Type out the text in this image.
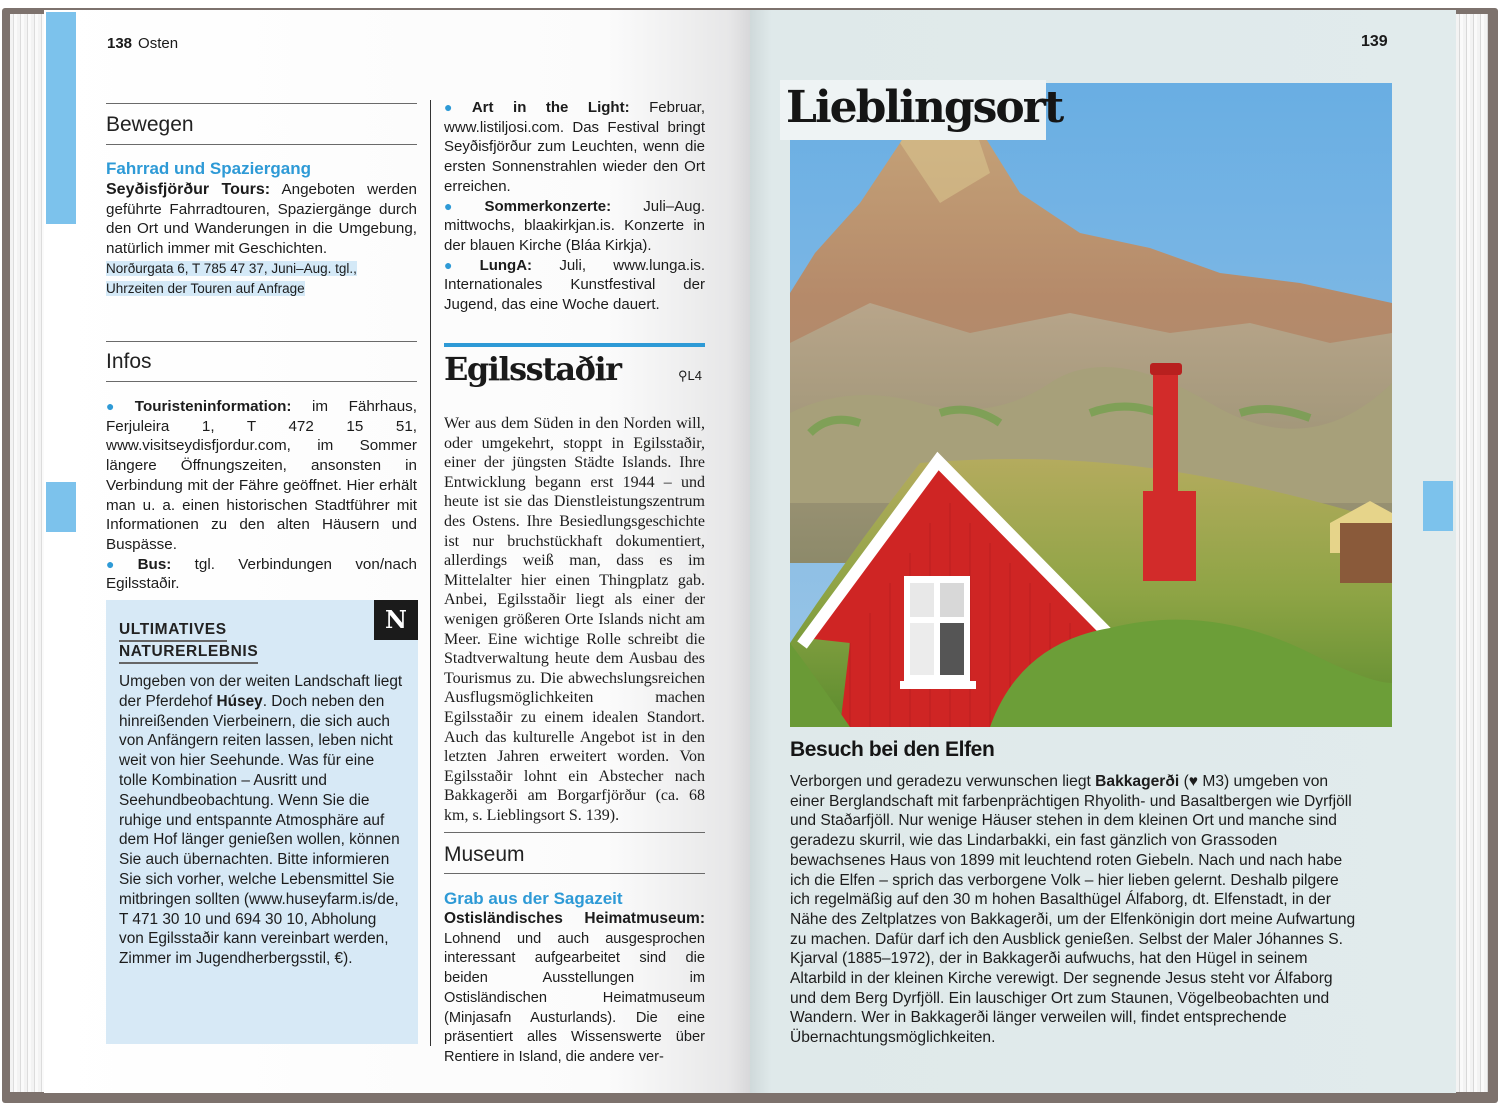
138 Osten
Bewegen
Fahrrad und Spaziergang
Seyðisfjörður Tours: Angeboten werden geführte Fahrradtouren, Spaziergänge durch den Ort und Wanderungen in die Umgebung, natürlich immer mit Geschichten.
Norðurgata 6, T 785 47 37, Juni–Aug. tgl.,
Uhrzeiten der Touren auf Anfrage
Infos
● Touristeninformation: im Fährhaus, Ferjuleira 1, T 472 15 51, www.visitseydisfjordur.com, im Sommer längere Öffnungszeiten, ansonsten in Verbindung mit der Fähre geöffnet. Hier erhält man u. a. einen historischen Stadtführer mit Informationen zu den alten Häusern und Buspässe.
● Bus: tgl. Verbindungen von/nach Egilsstaðir.
N
ULTIMATIVES
NATURERLEBNIS
Umgeben von der weiten Landschaft liegt der Pferdehof Húsey. Doch neben den hinreißenden Vierbeinern, die sich auch von Anfängern reiten lassen, leben nicht weit von hier Seehunde. Was für eine tolle Kombination – Ausritt und Seehundbeobachtung. Wenn Sie die ruhige und entspannte Atmosphäre auf dem Hof länger genießen wollen, können Sie auch übernachten. Bitte informieren Sie sich vorher, welche Lebensmittel Sie mitbringen sollten (www.huseyfarm.is/de, T 471 30 10 und 694 30 10, Abholung von Egilsstaðir kann vereinbart werden, Zimmer im Jugendherbergsstil, €).
● Art in the Light: Februar, www.listiljosi.com. Das Festival bringt Seyðisfjörður zum Leuchten, wenn die ersten Sonnenstrahlen wieder den Ort erreichen.
● Sommerkonzerte: Juli–Aug. mittwochs, blaakirkjan.is. Konzerte in der blauen Kirche (Bláa Kirkja).
● LungA: Juli, www.lunga.is. Internationales Kunstfestival der Jugend, das eine Woche dauert.
Egilsstaðir	⚲L4
Wer aus dem Süden in den Norden will, oder umgekehrt, stoppt in Egilsstaðir, einer der jüngsten Städte Islands. Ihre Entwicklung begann erst 1944 – und heute ist sie das Dienstleistungszentrum des Ostens. Ihre Besiedlungsgeschichte ist nur bruchstückhaft dokumentiert, allerdings weiß man, dass es im Mittelalter hier einen Thingplatz gab. Anbei, Egilsstaðir liegt als einer der wenigen größeren Orte Islands nicht am Meer. Eine wichtige Rolle schreibt die Stadtverwaltung heute dem Ausbau des Tourismus zu. Die abwechslungsreichen Ausflugsmöglichkeiten machen Egilsstaðir zu einem idealen Standort. Auch das kulturelle Angebot ist in den letzten Jahren erweitert worden. Von Egilsstaðir lohnt ein Abstecher nach Bakkagerði am Borgarfjörður (ca. 68 km, s. Lieblingsort S. 139).
Museum
Grab aus der Sagazeit
Ostisländisches Heimatmuseum: Lohnend und auch ausgesprochen interessant aufgearbeitet sind die beiden Ausstellungen im Ostisländischen Heimatmuseum (Minjasafn Austurlands). Die eine präsentiert alles Wissenswerte über Rentiere in Island, die andere ver-
139
Lieblingsort
Besuch bei den Elfen
Verborgen und geradezu verwunschen liegt Bakkagerði (♥ M3) umgeben von einer Berglandschaft mit farbenprächtigen Rhyolith- und Basaltbergen wie Dyrfjöll und Staðarfjöll. Nur wenige Häuser stehen in dem kleinen Ort und manche sind geradezu skurril, wie das Lindarbakki, ein fast gänzlich von Grassoden bewachsenes Haus von 1899 mit leuchtend roten Giebeln. Nach und nach habe ich die Elfen – sprich das verborgene Volk – hier lieben gelernt. Deshalb pilgere ich regelmäßig auf den 30 m hohen Basalthügel Álfaborg, dt. Elfenstadt, in der Nähe des Zeltplatzes von Bakkagerði, um der Elfenkönigin dort meine Aufwartung zu machen. Dafür darf ich den Ausblick genießen. Selbst der Maler Jóhannes S. Kjarval (1885–1972), der in Bakkagerði aufwuchs, hat den Hügel in seinem Altarbild in der kleinen Kirche verewigt. Der segnende Jesus steht vor Álfaborg und dem Berg Dyrfjöll. Ein lauschiger Ort zum Staunen, Vögelbeobachten und Wandern. Wer in Bakkagerði länger verweilen will, findet entsprechende Übernachtungsmöglichkeiten.
